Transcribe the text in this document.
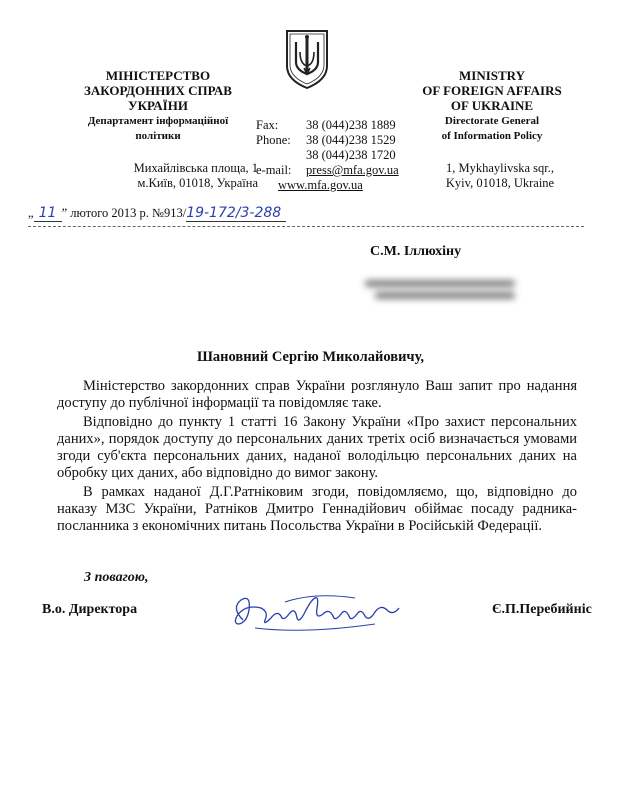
МІНІСТЕРСТВО
ЗАКОРДОННИХ СПРАВ
УКРАЇНИ
Департамент інформаційної
політики
Михайлівська площа, 1
м.Київ, 01018, Україна
Fax:	38 (044)238 1889
Phone:	38 (044)238 1529
38 (044)238 1720
e-mail:	press@mfa.gov.ua
www.mfa.gov.ua
MINISTRY
OF FOREIGN AFFAIRS
OF UKRAINE
Directorate General
of Information Policy
1, Mykhaylivska sqr.,
Kyiv, 01018, Ukraine
„ 11 ” лютого 2013 р. №913/19-172/3-288
С.М. Іллюхіну
Шановний Сергію Миколайовичу,

Міністерство закордонних справ України розглянуло Ваш запит про надання доступу до публічної інформації та повідомляє таке.

Відповідно до пункту 1 статті 16 Закону України «Про захист персональних даних», порядок доступу до персональних даних третіх осіб визначається умовами згоди суб'єкта персональних даних, наданої володільцю персональних даних на обробку цих даних, або відповідно до вимог закону.

В рамках наданої Д.Г.Ратніковим згоди, повідомляємо, що, відповідно до наказу МЗС України, Ратніков Дмитро Геннадійович обіймає посаду радника-посланника з економічних питань Посольства України в Російській Федерації.

З повагою,
В.о. Директора	Є.П.Перебийніс
